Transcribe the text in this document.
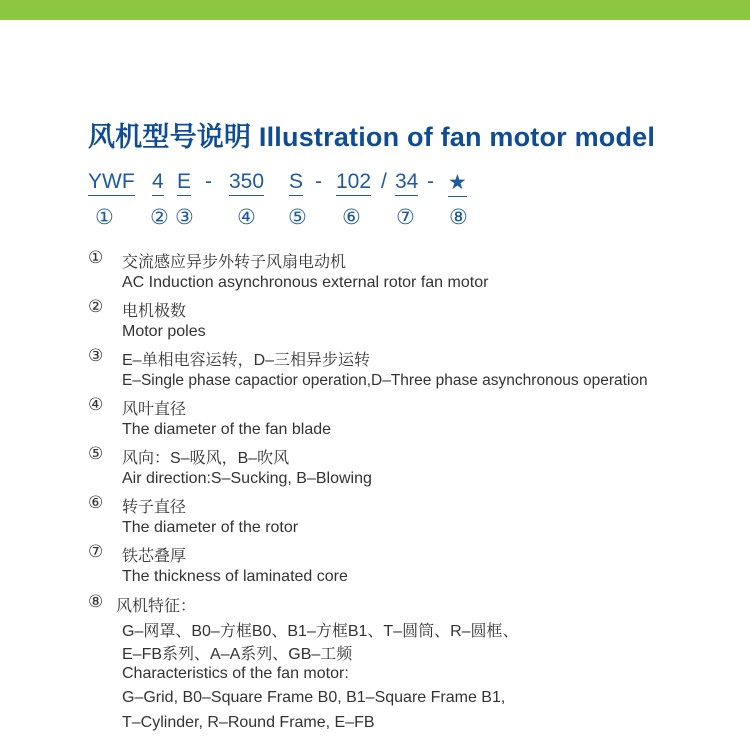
风机型号说明 Illustration of fan motor model
YWF 4 E - 350 S - 102 / 34 - ★
① ② ③ ④ ⑤ ⑥ ⑦ ⑧
① 交流感应异步外转子风扇电动机
AC Induction asynchronous external rotor fan motor
② 电机极数
Motor poles
③ E–单相电容运转，D–三相异步运转
E–Single phase capactior operation,D–Three phase asynchronous operation
④ 风叶直径
The diameter of the fan blade
⑤ 风向：S–吸风，B–吹风
Air direction:S–Sucking, B–Blowing
⑥ 转子直径
The diameter of the rotor
⑦ 铁芯叠厚
The thickness of laminated core
⑧ 风机特征：
G–网罩、B0–方框B0、B1–方框B1、T–圆筒、R–圆框、
E–FB系列、A–A系列、GB–工频
Characteristics of the fan motor:
G–Grid, B0–Square Frame B0, B1–Square Frame B1,
T–Cylinder, R–Round Frame, E–FB
